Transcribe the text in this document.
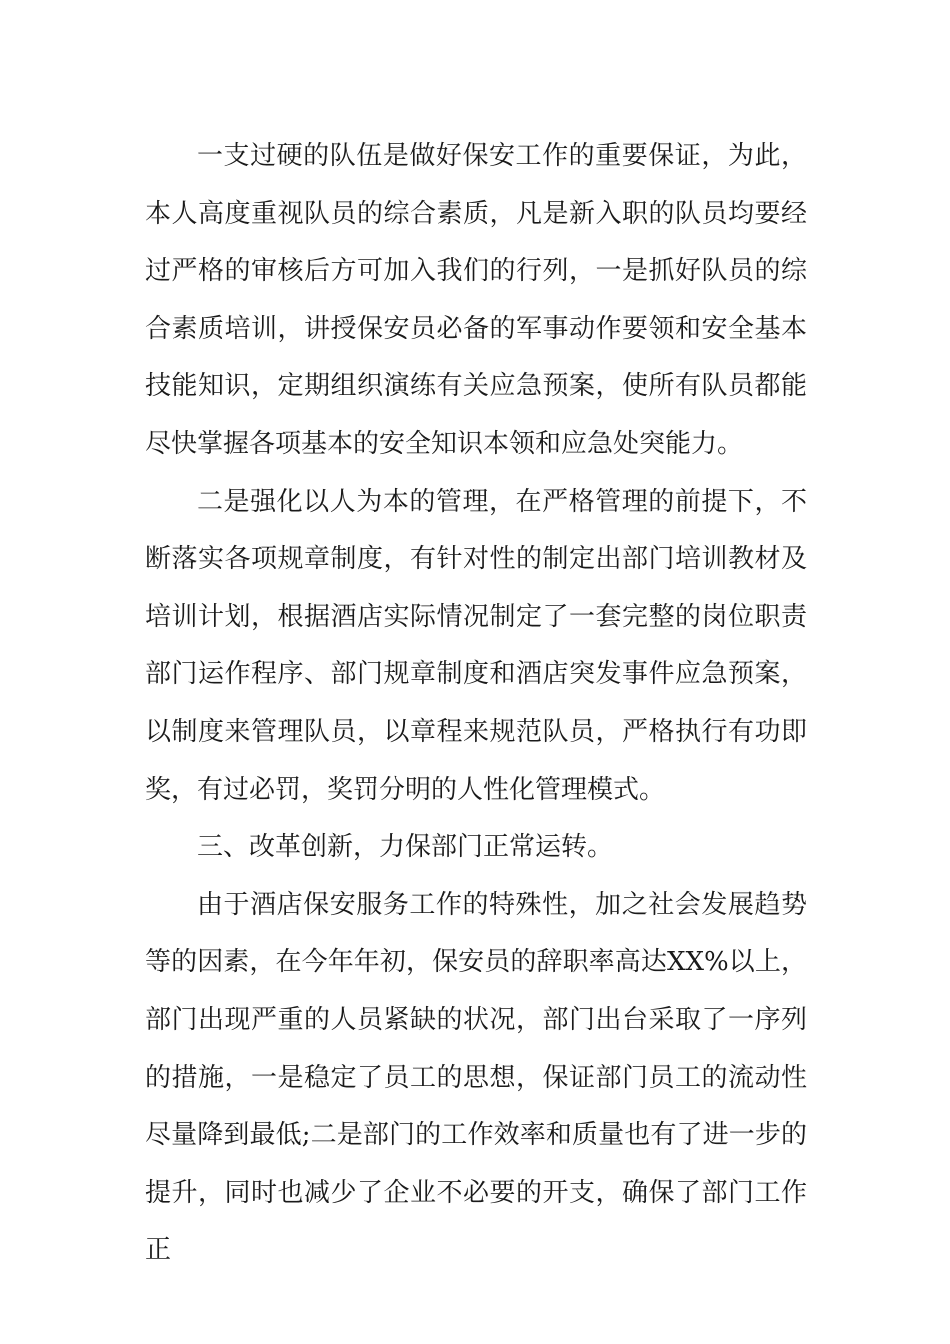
一支过硬的队伍是做好保安工作的重要保证，为此，本人高度重视队员的综合素质，凡是新入职的队员均要经过严格的审核后方可加入我们的行列，一是抓好队员的综合素质培训，讲授保安员必备的军事动作要领和安全基本技能知识，定期组织演练有关应急预案，使所有队员都能尽快掌握各项基本的安全知识本领和应急处突能力。

二是强化以人为本的管理，在严格管理的前提下，不断落实各项规章制度，有针对性的制定出部门培训教材及培训计划，根据酒店实际情况制定了一套完整的岗位职责部门运作程序、部门规章制度和酒店突发事件应急预案，以制度来管理队员，以章程来规范队员，严格执行有功即奖，有过必罚，奖罚分明的人性化管理模式。

三、改革创新，力保部门正常运转。

由于酒店保安服务工作的特殊性，加之社会发展趋势等的因素，在今年年初，保安员的辞职率高达XX%以上，部门出现严重的人员紧缺的状况，部门出台采取了一序列的措施，一是稳定了员工的思想，保证部门员工的流动性尽量降到最低;二是部门的工作效率和质量也有了进一步的提升，同时也减少了企业不必要的开支，确保了部门工作正
